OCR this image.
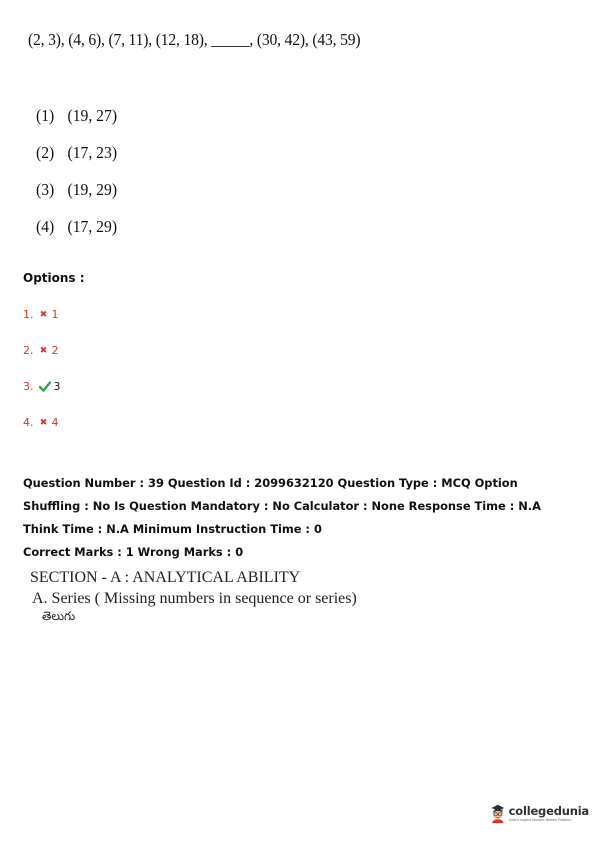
(2, 3), (4, 6), (7, 11), (12, 18), _____, (30, 42), (43, 59)
(1) (19, 27)
(2) (17, 23)
(3) (19, 29)
(4) (17, 29)
Options :
1. ✖ 1
2. ✖ 2
3. 3
4. ✖ 4
Question Number : 39 Question Id : 2099632120 Question Type : MCQ Option Shuffling : No Is Question Mandatory : No Calculator : None Response Time : N.A Think Time : N.A Minimum Instruction Time : 0
Correct Marks : 1 Wrong Marks : 0
SECTION - A : ANALYTICAL ABILITY
A. Series ( Missing numbers in sequence or series)
తెలుగు
collegedunia
India's largest Student Review Platform
